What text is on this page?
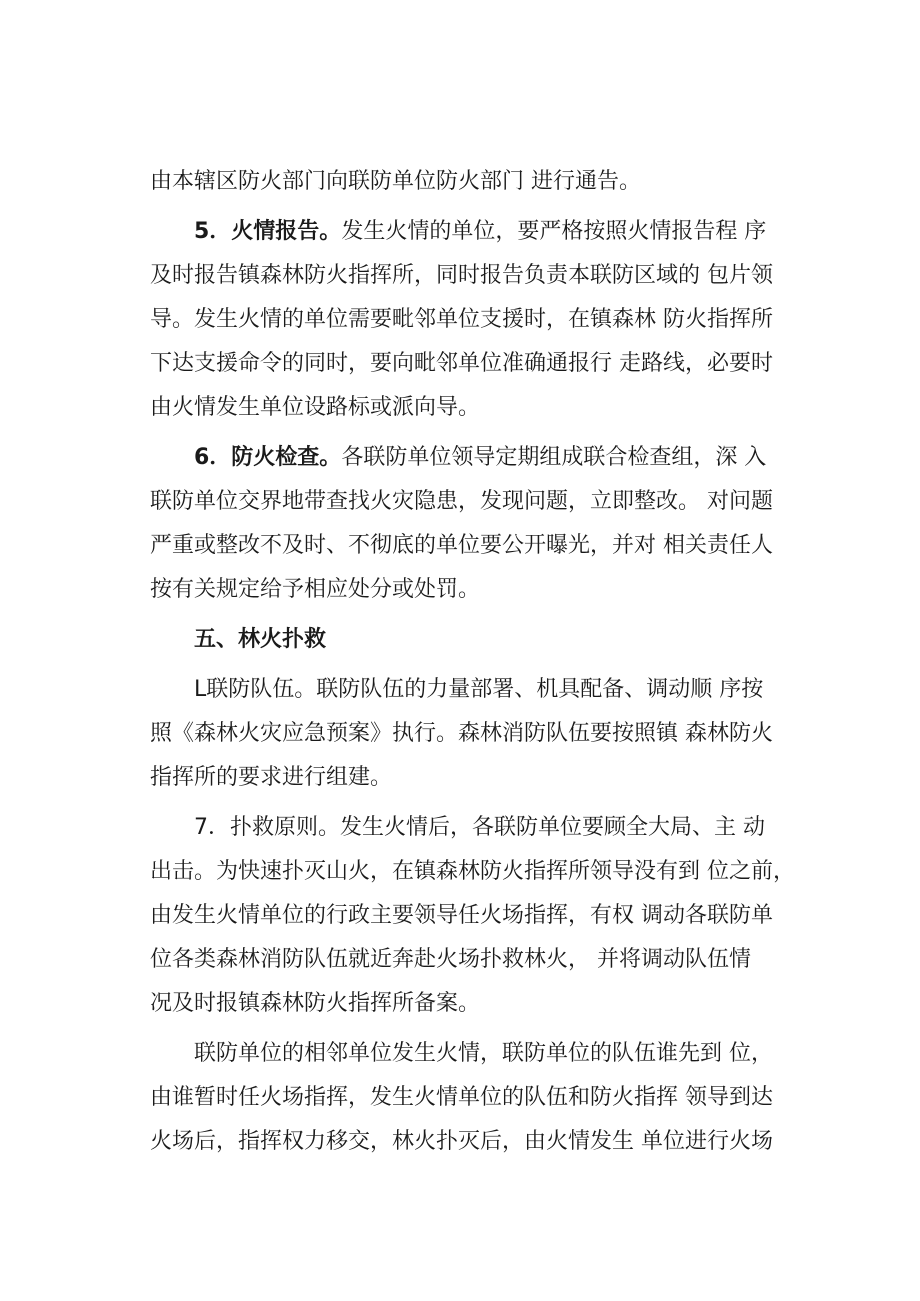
由本辖区防火部门向联防单位防火部门 进行通告。
5．火情报告。发生火情的单位，要严格按照火情报告程 序
及时报告镇森林防火指挥所，同时报告负责本联防区域的 包片领
导。发生火情的单位需要毗邻单位支援时，在镇森林 防火指挥所
下达支援命令的同时，要向毗邻单位准确通报行 走路线，必要时
由火情发生单位设路标或派向导。
6．防火检查。各联防单位领导定期组成联合检查组，深 入
联防单位交界地带查找火灾隐患，发现问题，立即整改。 对问题
严重或整改不及时、不彻底的单位要公开曝光，并对 相关责任人
按有关规定给予相应处分或处罚。
五、林火扑救
L联防队伍。联防队伍的力量部署、机具配备、调动顺 序按
照《森林火灾应急预案》执行。森林消防队伍要按照镇 森林防火
指挥所的要求进行组建。
7．扑救原则。发生火情后，各联防单位要顾全大局、主 动
出击。为快速扑灭山火，在镇森林防火指挥所领导没有到 位之前，
由发生火情单位的行政主要领导任火场指挥，有权 调动各联防单
位各类森林消防队伍就近奔赴火场扑救林火， 并将调动队伍情
况及时报镇森林防火指挥所备案。
联防单位的相邻单位发生火情，联防单位的队伍谁先到 位，
由谁暂时任火场指挥，发生火情单位的队伍和防火指挥 领导到达
火场后，指挥权力移交，林火扑灭后，由火情发生 单位进行火场
